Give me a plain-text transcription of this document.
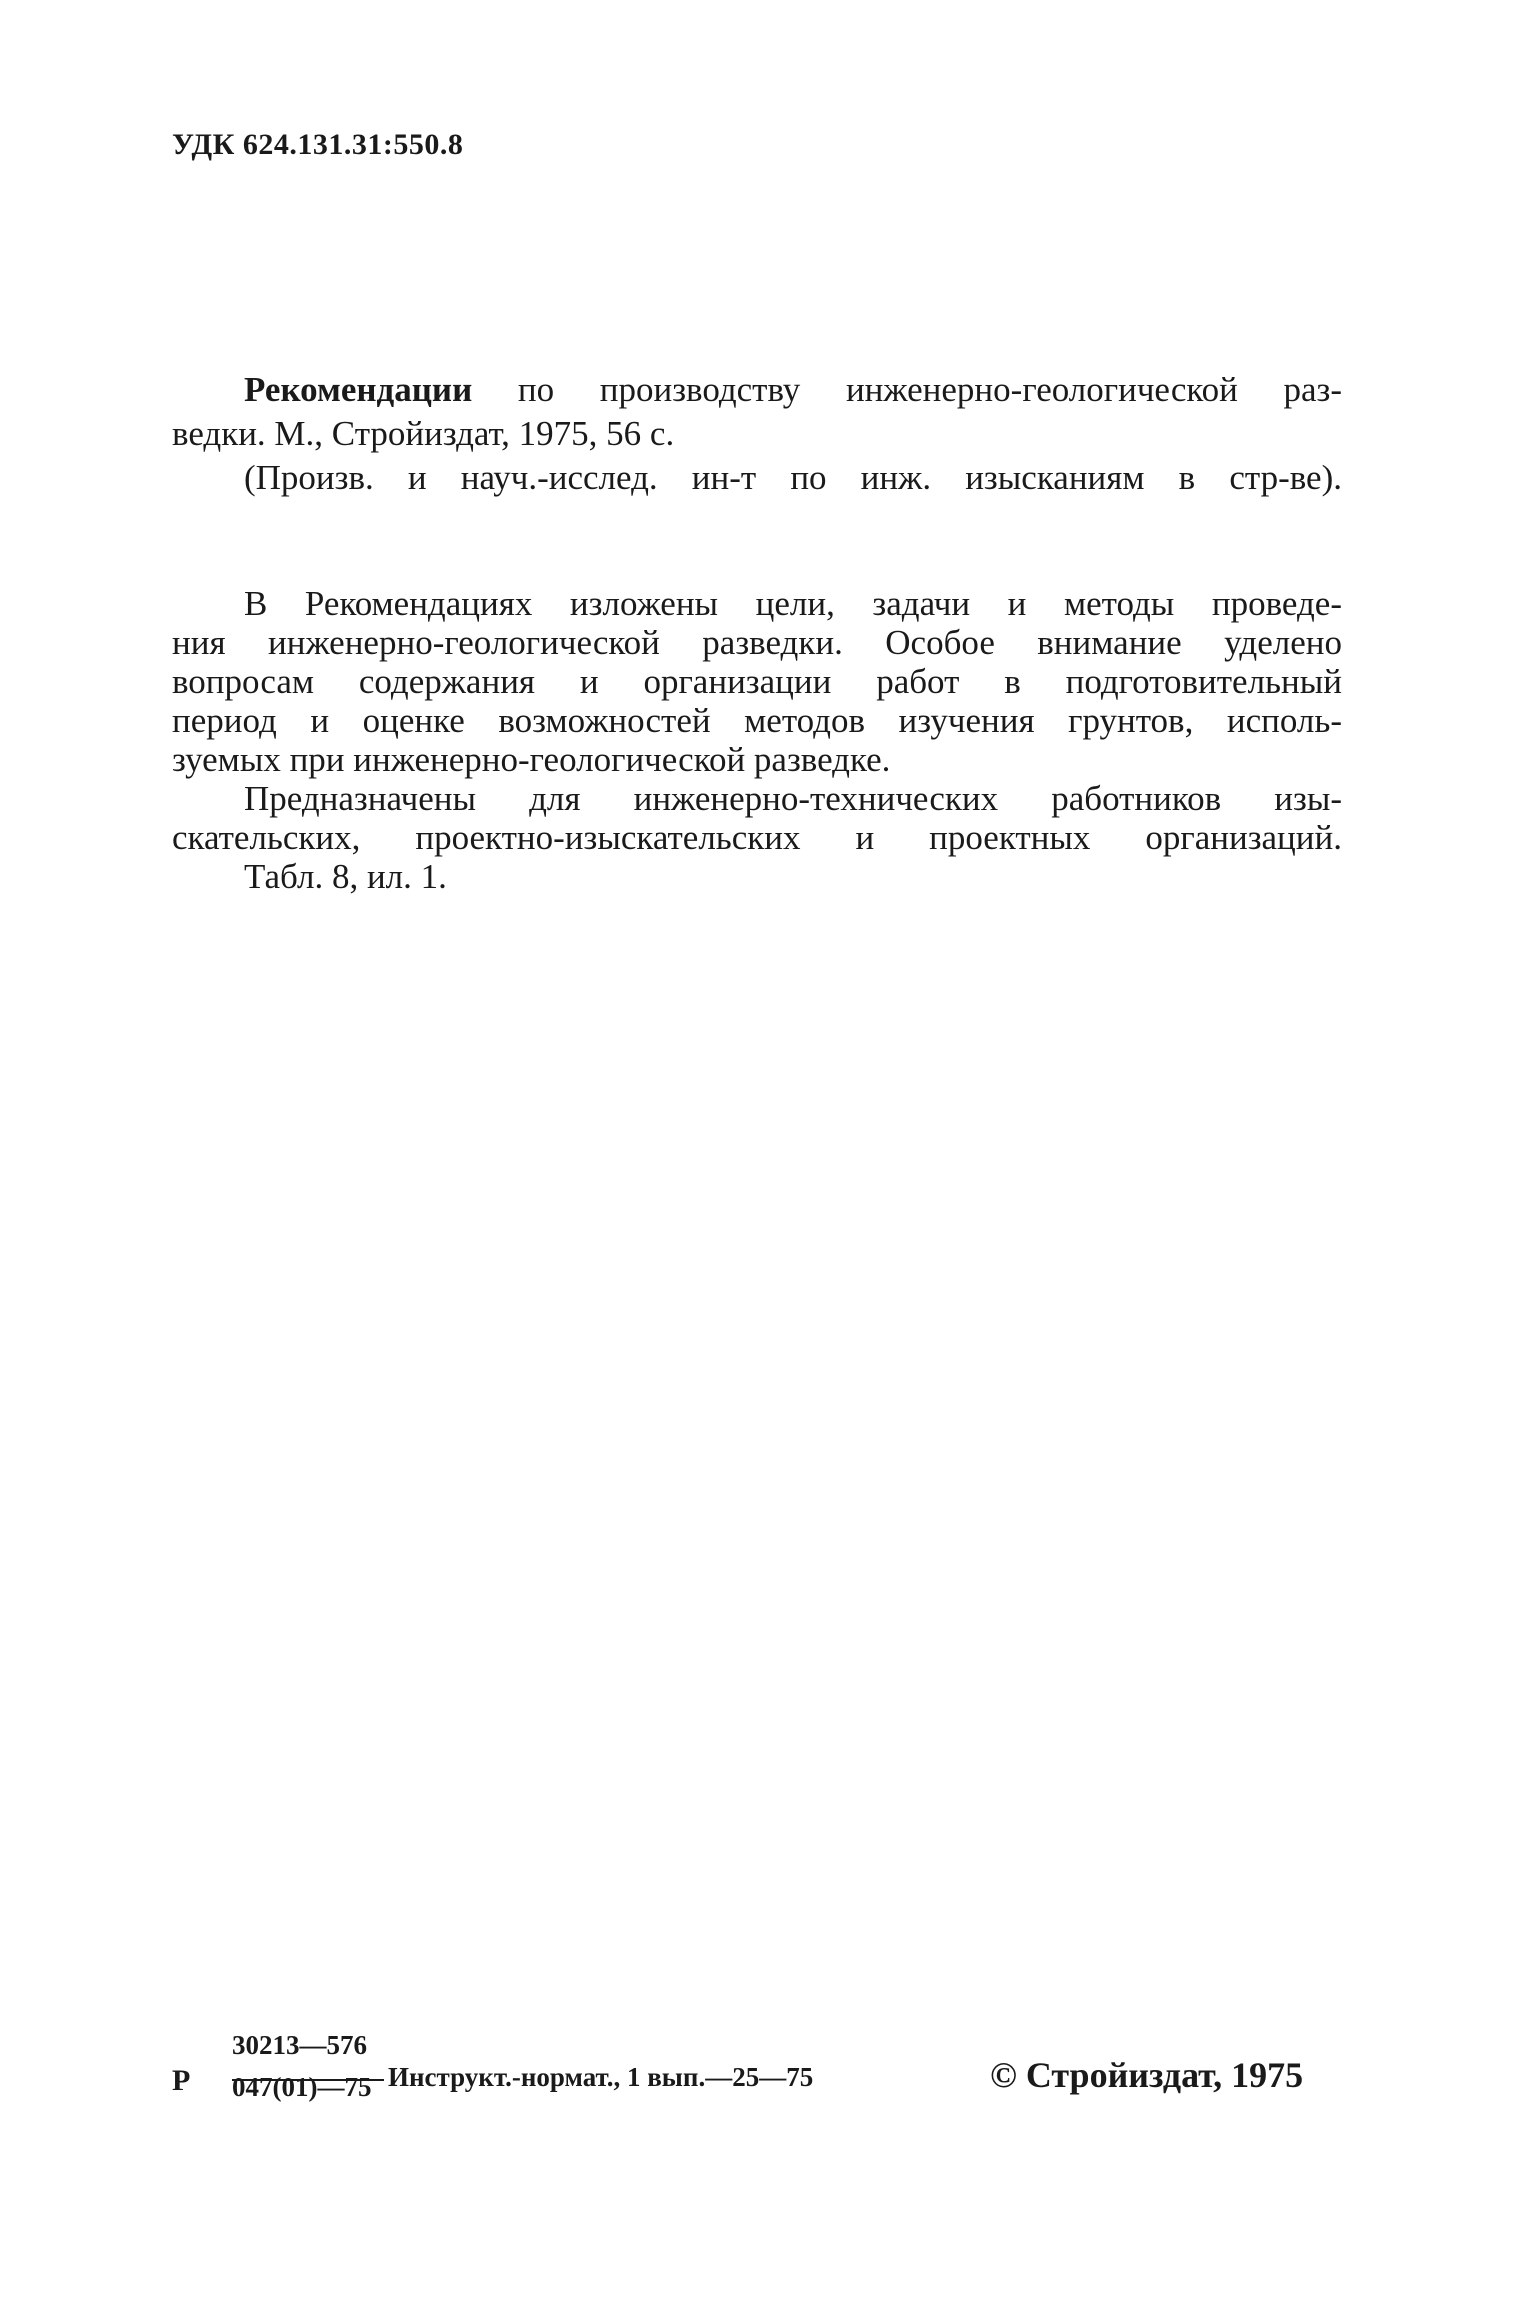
УДК 624.131.31:550.8
Рекомендации по производству инженерно-геологической раз-
ведки. М., Стройиздат, 1975, 56 с.
(Произв. и науч.-исслед. ин-т по инж. изысканиям в стр-ве).
В Рекомендациях изложены цели, задачи и методы проведе-
ния инженерно-геологической разведки. Особое внимание уделено
вопросам содержания и организации работ в подготовительный
период и оценке возможностей методов изучения грунтов, исполь-
зуемых при инженерно-геологической разведке.
Предназначены для инженерно-технических работников изы-
скательских, проектно-изыскательских и проектных организаций.
Табл. 8, ил. 1.
Р
30213—576
047(01)—75 Инструкт.-нормат., 1 вып.—25—75	© Стройиздат, 1975
